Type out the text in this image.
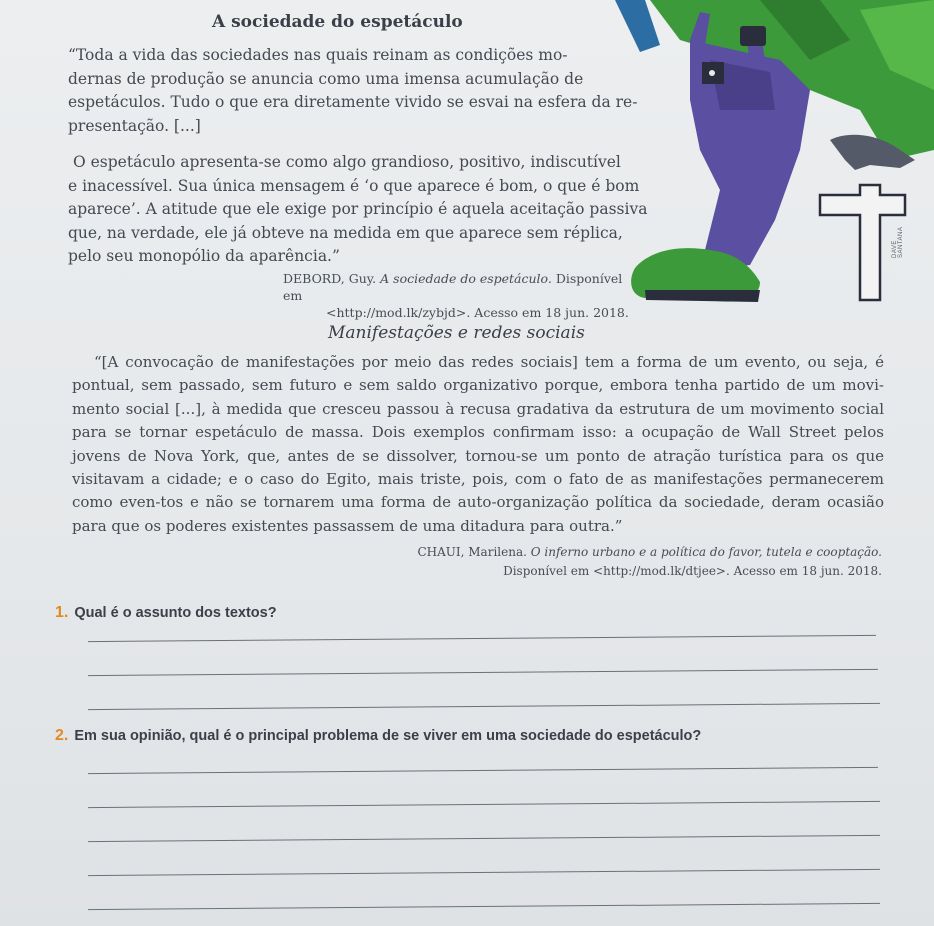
DAVE SANTANA
A sociedade do espetáculo

“Toda a vida das sociedades nas quais reinam as condições mo-

dernas de produção se anuncia como uma imensa acumulação de

espetáculos. Tudo o que era diretamente vivido se esvai na esfera da re-

presentação. [...]

O espetáculo apresenta-se como algo grandioso, positivo, indiscutível
e inacessível. Sua única mensagem é ‘o que aparece é bom, o que é bom
aparece’. A atitude que ele exige por princípio é aquela aceitação passiva
que, na verdade, ele já obteve na medida em que aparece sem réplica,
pelo seu monopólio da aparência.”
DEBORD, Guy. A sociedade do espetáculo. Disponível em
<http://mod.lk/zybjd>. Acesso em 18 jun. 2018.
Manifestações e redes sociais

“[A convocação de manifestações por meio das redes sociais] tem a forma de um evento, ou seja, é pontual, sem passado, sem futuro e sem saldo organizativo porque, embora tenha partido de um movi-mento social [...], à medida que cresceu passou à recusa gradativa da estrutura de um movimento social para se tornar espetáculo de massa. Dois exemplos confirmam isso: a ocupação de Wall Street pelos jovens de Nova York, que, antes de se dissolver, tornou-se um ponto de atração turística para os que visitavam a cidade; e o caso do Egito, mais triste, pois, com o fato de as manifestações permanecerem como even-tos e não se tornarem uma forma de auto-organização política da sociedade, deram ocasião para que os poderes existentes passassem de uma ditadura para outra.”

CHAUI, Marilena. O inferno urbano e a política do favor, tutela e cooptação.
Disponível em <http://mod.lk/dtjee>. Acesso em 18 jun. 2018.
1. Qual é o assunto dos textos?
2. Em sua opinião, qual é o principal problema de se viver em uma sociedade do espetáculo?
